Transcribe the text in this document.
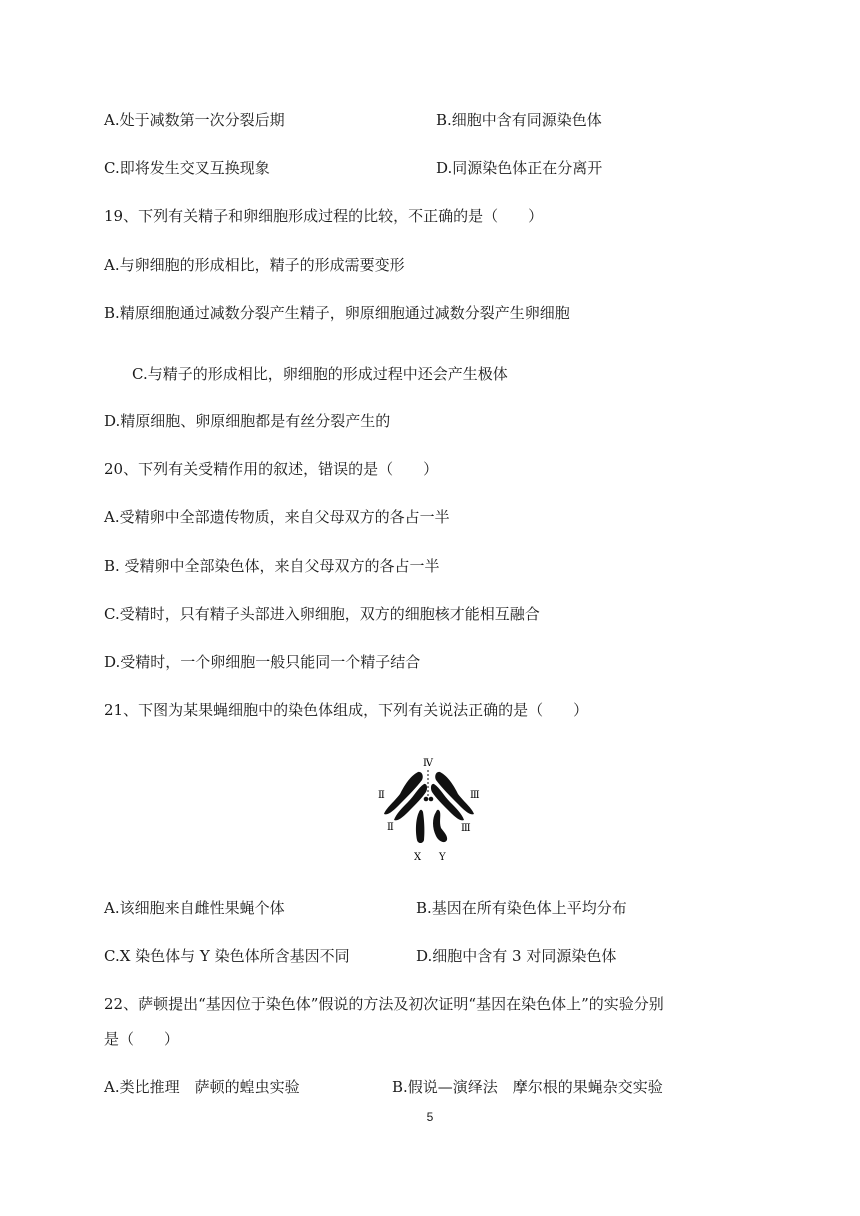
A.处于减数第一次分裂后期	B.细胞中含有同源染色体
C.即将发生交叉互换现象	D.同源染色体正在分离开
19、下列有关精子和卵细胞形成过程的比较，不正确的是（　　）
A.与卵细胞的形成相比，精子的形成需要变形
B.精原细胞通过减数分裂产生精子，卵原细胞通过减数分裂产生卵细胞
C.与精子的形成相比，卵细胞的形成过程中还会产生极体
D.精原细胞、卵原细胞都是有丝分裂产生的
20、下列有关受精作用的叙述，错误的是（　　）
A.受精卵中全部遗传物质，来自父母双方的各占一半
B. 受精卵中全部染色体，来自父母双方的各占一半
C.受精时，只有精子头部进入卵细胞，双方的细胞核才能相互融合
D.受精时，一个卵细胞一般只能同一个精子结合
21、下图为某果蝇细胞中的染色体组成，下列有关说法正确的是（　　）
Ⅳ
Ⅱ	Ⅲ
Ⅱ	Ⅲ
X Y
A.该细胞来自雌性果蝇个体	B.基因在所有染色体上平均分布
C.X 染色体与 Y 染色体所含基因不同	D.细胞中含有 3 对同源染色体
22、萨顿提出“基因位于染色体”假说的方法及初次证明“基因在染色体上”的实验分别
是（　　）
A.类比推理　萨顿的蝗虫实验	B.假说—演绎法　摩尔根的果蝇杂交实验
5
